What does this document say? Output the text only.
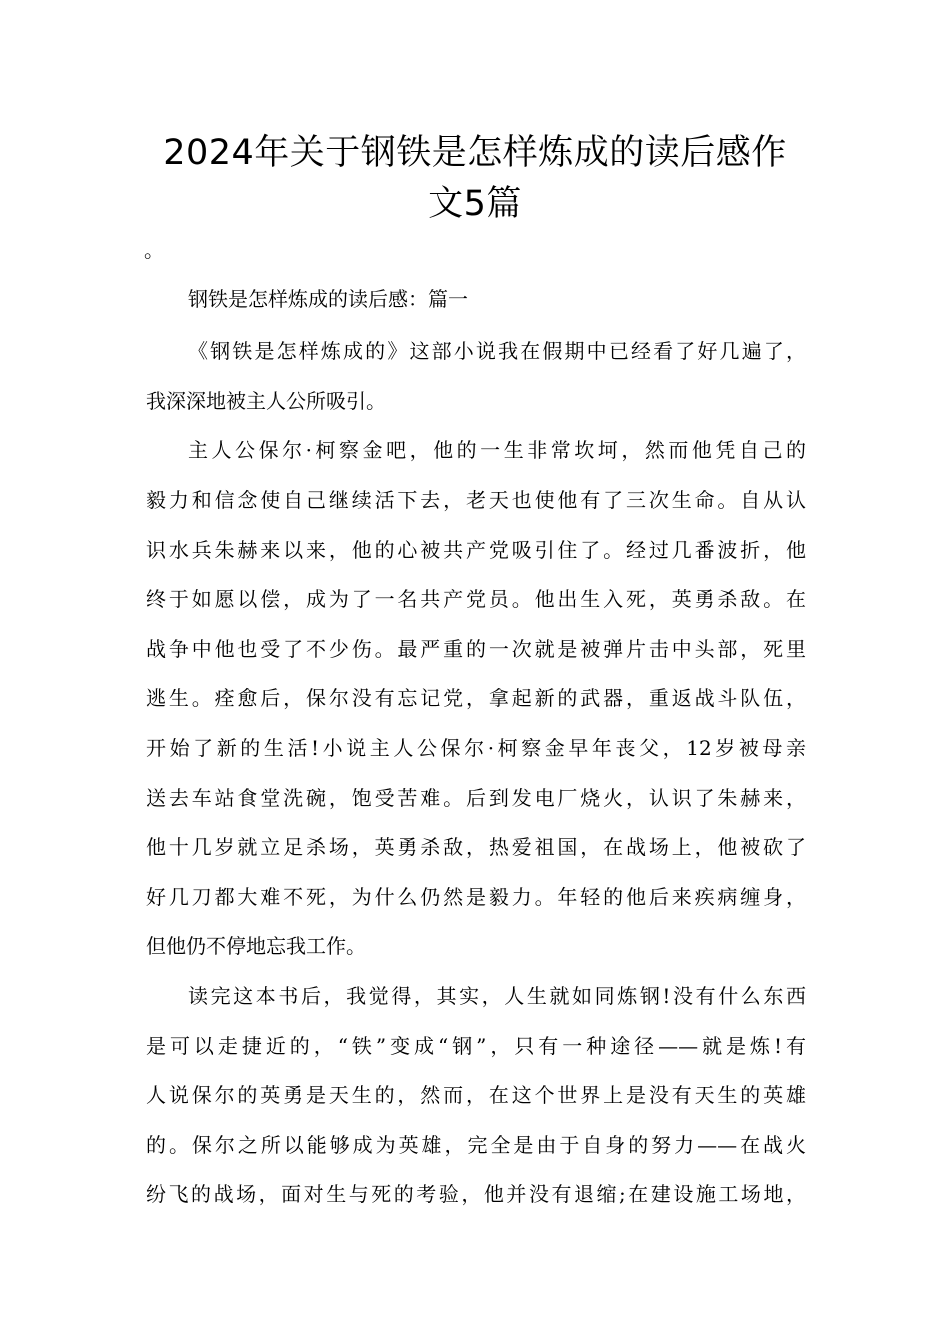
2024年关于钢铁是怎样炼成的读后感作
文5篇
。
钢铁是怎样炼成的读后感：篇一
《钢铁是怎样炼成的》这部小说我在假期中已经看了好几遍了，
我深深地被主人公所吸引。
主人公保尔·柯察金吧，他的一生非常坎坷，然而他凭自己的
毅力和信念使自己继续活下去，老天也使他有了三次生命。自从认
识水兵朱赫来以来，他的心被共产党吸引住了。经过几番波折，他
终于如愿以偿，成为了一名共产党员。他出生入死，英勇杀敌。在
战争中他也受了不少伤。最严重的一次就是被弹片击中头部，死里
逃生。痊愈后，保尔没有忘记党，拿起新的武器，重返战斗队伍，
开始了新的生活!小说主人公保尔·柯察金早年丧父，12岁被母亲
送去车站食堂洗碗，饱受苦难。后到发电厂烧火，认识了朱赫来，
他十几岁就立足杀场，英勇杀敌，热爱祖国，在战场上，他被砍了
好几刀都大难不死，为什么仍然是毅力。年轻的他后来疾病缠身，
但他仍不停地忘我工作。
读完这本书后，我觉得，其实，人生就如同炼钢!没有什么东西
是可以走捷近的，“铁”变成“钢”，只有一种途径——就是炼!有
人说保尔的英勇是天生的，然而，在这个世界上是没有天生的英雄
的。保尔之所以能够成为英雄，完全是由于自身的努力——在战火
纷飞的战场，面对生与死的考验，他并没有退缩;在建设施工场地，
